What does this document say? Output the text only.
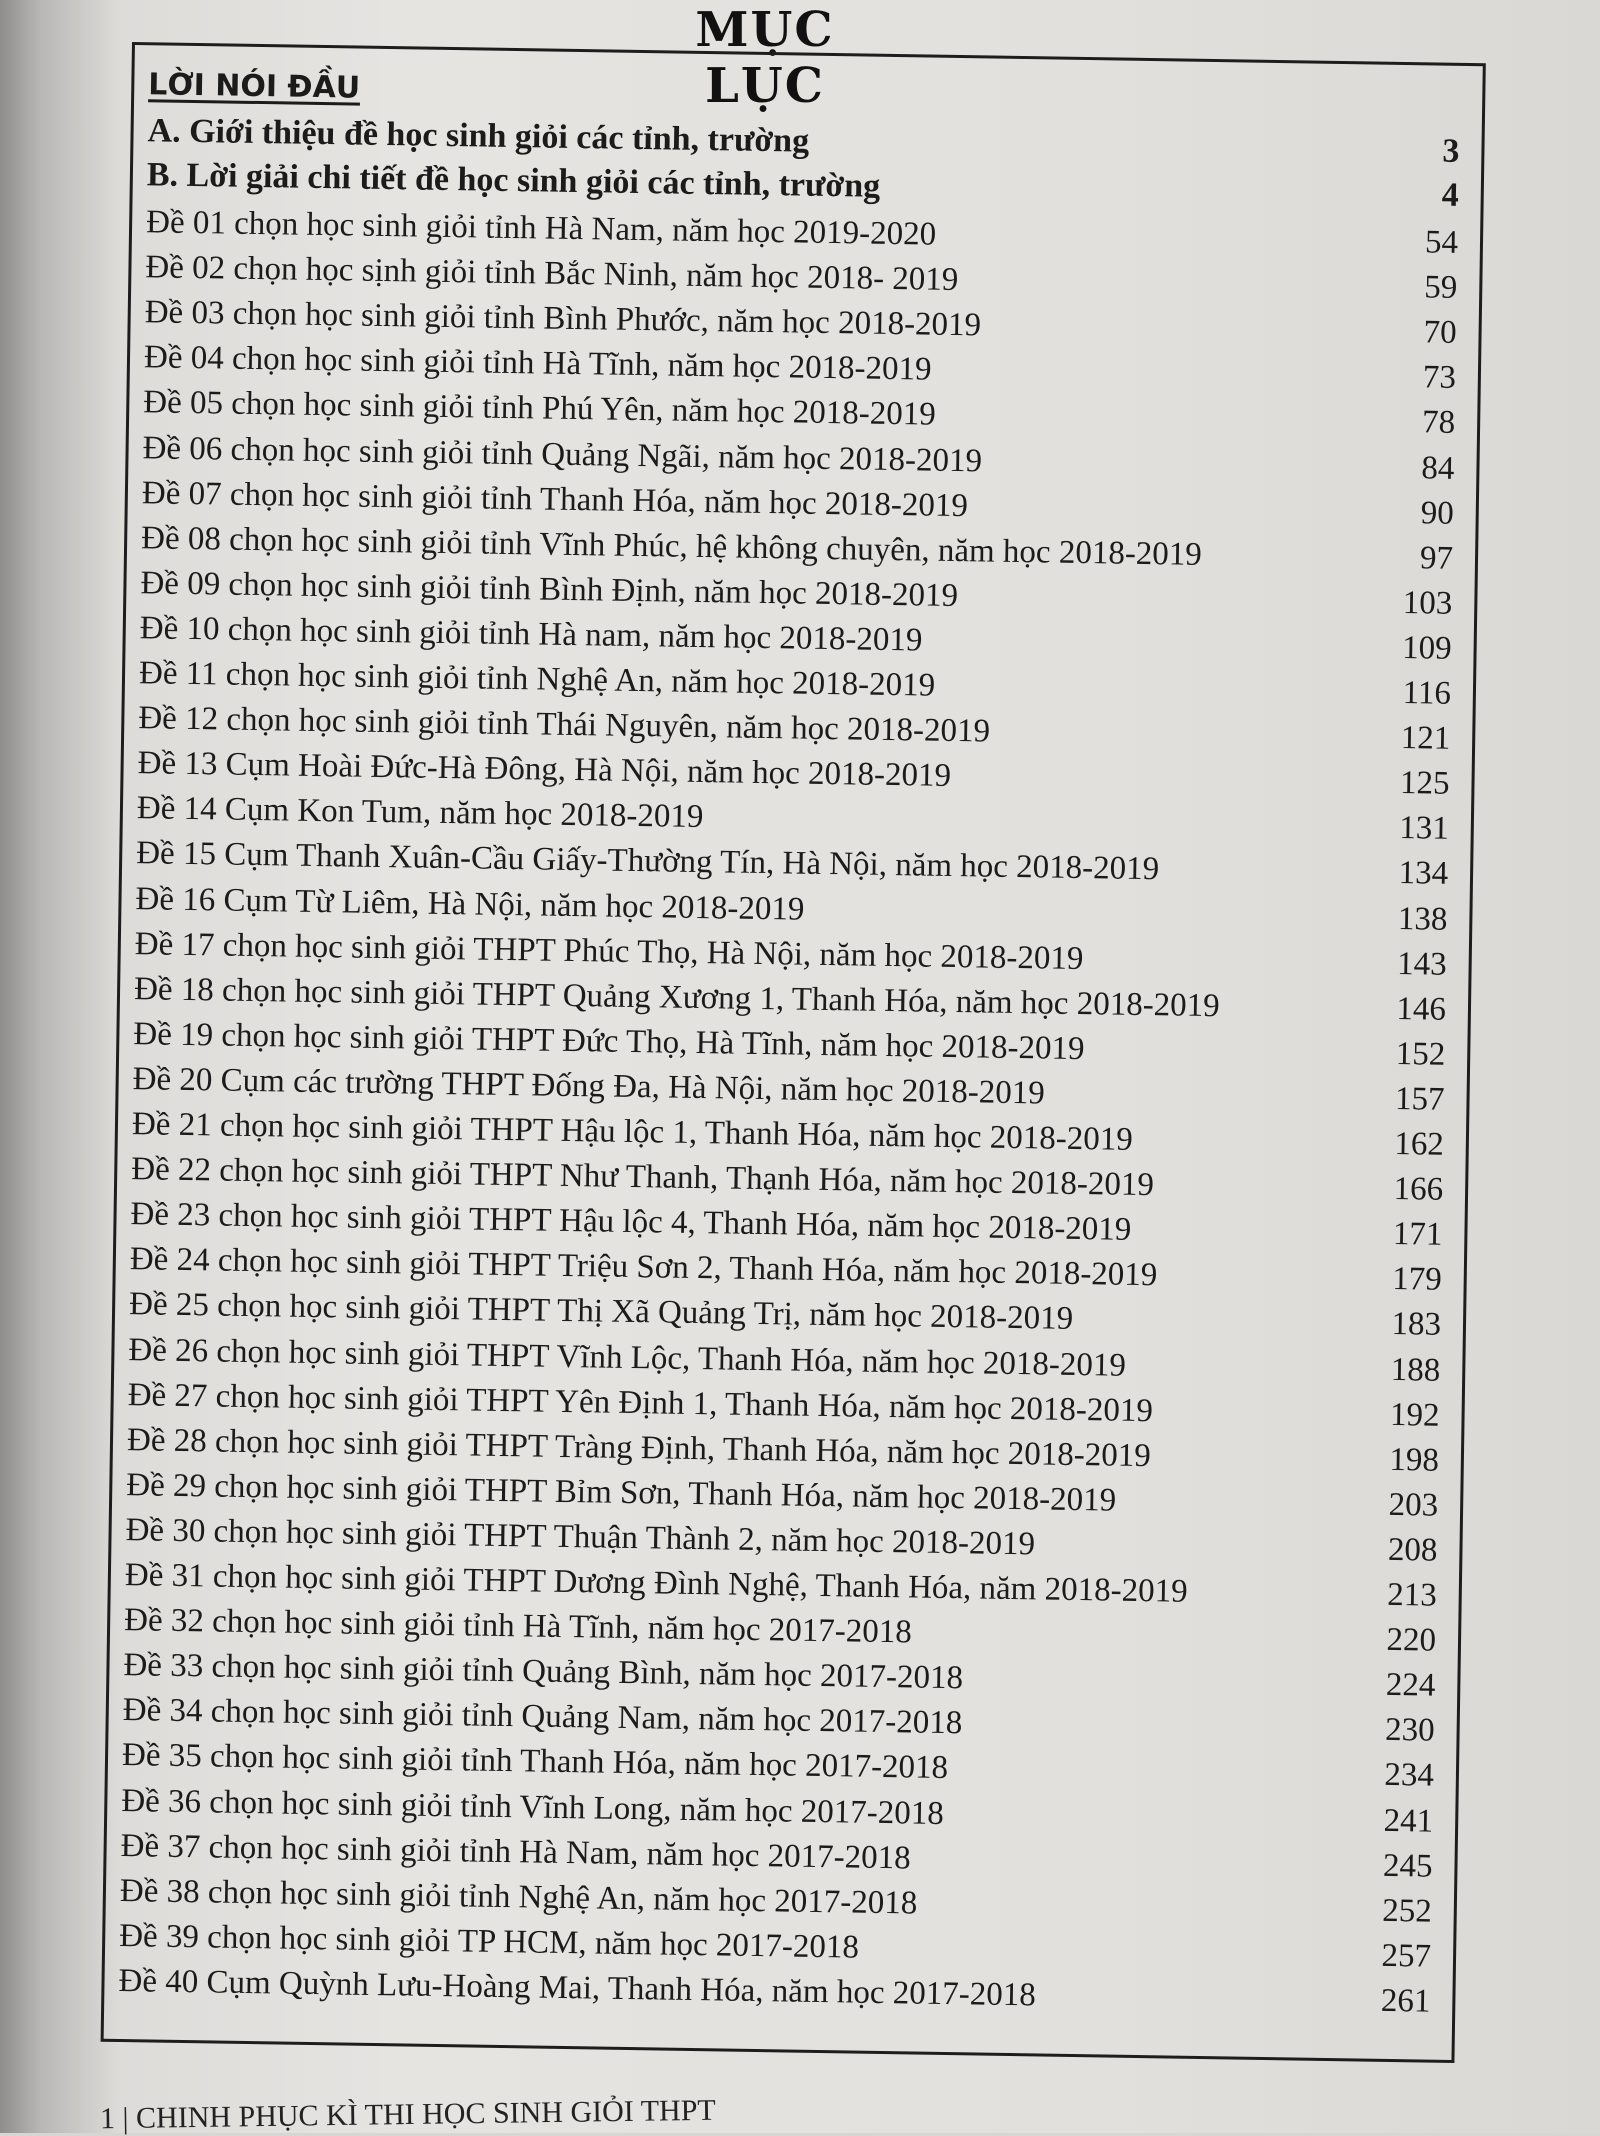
MỤC LỤC
LỜI NÓI ĐẦU
A. Giới thiệu đề học sinh giỏi các tỉnh, trường	3
B. Lời giải chi tiết đề học sinh giỏi các tỉnh, trường	4
Đề 01 chọn học sinh giỏi tỉnh Hà Nam, năm học 2019-2020	54
Đề 02 chọn học sịnh giỏi tỉnh Bắc Ninh, năm học 2018- 2019	59
Đề 03 chọn học sinh giỏi tỉnh Bình Phước, năm học 2018-2019	70
Đề 04 chọn học sinh giỏi tỉnh Hà Tĩnh, năm học 2018-2019	73
Đề 05 chọn học sinh giỏi tỉnh Phú Yên, năm học 2018-2019	78
Đề 06 chọn học sinh giỏi tỉnh Quảng Ngãi, năm học 2018-2019	84
Đề 07 chọn học sinh giỏi tỉnh Thanh Hóa, năm học 2018-2019	90
Đề 08 chọn học sinh giỏi tỉnh Vĩnh Phúc, hệ không chuyên, năm học 2018-2019	97
Đề 09 chọn học sinh giỏi tỉnh Bình Định, năm học 2018-2019	103
Đề 10 chọn học sinh giỏi tỉnh Hà nam, năm học 2018-2019	109
Đề 11 chọn học sinh giỏi tỉnh Nghệ An, năm học 2018-2019	116
Đề 12 chọn học sinh giỏi tỉnh Thái Nguyên, năm học 2018-2019	121
Đề 13 Cụm Hoài Đức-Hà Đông, Hà Nội, năm học 2018-2019	125
Đề 14 Cụm Kon Tum, năm học 2018-2019	131
Đề 15 Cụm Thanh Xuân-Cầu Giấy-Thường Tín, Hà Nội, năm học 2018-2019	134
Đề 16 Cụm Từ Liêm, Hà Nội, năm học 2018-2019	138
Đề 17 chọn học sinh giỏi THPT Phúc Thọ, Hà Nội, năm học 2018-2019	143
Đề 18 chọn học sinh giỏi THPT Quảng Xương 1, Thanh Hóa, năm học 2018-2019	146
Đề 19 chọn học sinh giỏi THPT Đức Thọ, Hà Tĩnh, năm học 2018-2019	152
Đề 20 Cụm các trường THPT Đống Đa, Hà Nội, năm học 2018-2019	157
Đề 21 chọn học sinh giỏi THPT Hậu lộc 1, Thanh Hóa, năm học 2018-2019	162
Đề 22 chọn học sinh giỏi THPT Như Thanh, Thạnh Hóa, năm học 2018-2019	166
Đề 23 chọn học sinh giỏi THPT Hậu lộc 4, Thanh Hóa, năm học 2018-2019	171
Đề 24 chọn học sinh giỏi THPT Triệu Sơn 2, Thanh Hóa, năm học 2018-2019	179
Đề 25 chọn học sinh giỏi THPT Thị Xã Quảng Trị, năm học 2018-2019	183
Đề 26 chọn học sinh giỏi THPT Vĩnh Lộc, Thanh Hóa, năm học 2018-2019	188
Đề 27 chọn học sinh giỏi THPT Yên Định 1, Thanh Hóa, năm học 2018-2019	192
Đề 28 chọn học sinh giỏi THPT Tràng Định, Thanh Hóa, năm học 2018-2019	198
Đề 29 chọn học sinh giỏi THPT Bỉm Sơn, Thanh Hóa, năm học 2018-2019	203
Đề 30 chọn học sinh giỏi THPT Thuận Thành 2, năm học 2018-2019	208
Đề 31 chọn học sinh giỏi THPT Dương Đình Nghệ, Thanh Hóa, năm 2018-2019	213
Đề 32 chọn học sinh giỏi tỉnh Hà Tĩnh, năm học 2017-2018	220
Đề 33 chọn học sinh giỏi tỉnh Quảng Bình, năm học 2017-2018	224
Đề 34 chọn học sinh giỏi tỉnh Quảng Nam, năm học 2017-2018	230
Đề 35 chọn học sinh giỏi tỉnh Thanh Hóa, năm học 2017-2018	234
Đề 36 chọn học sinh giỏi tỉnh Vĩnh Long, năm học 2017-2018	241
Đề 37 chọn học sinh giỏi tỉnh Hà Nam, năm học 2017-2018	245
Đề 38 chọn học sinh giỏi tỉnh Nghệ An, năm học 2017-2018	252
Đề 39 chọn học sinh giỏi TP HCM, năm học 2017-2018	257
Đề 40 Cụm Quỳnh Lưu-Hoàng Mai, Thanh Hóa, năm học 2017-2018	261
1 | CHINH PHỤC KÌ THI HỌC SINH GIỎI THPT
